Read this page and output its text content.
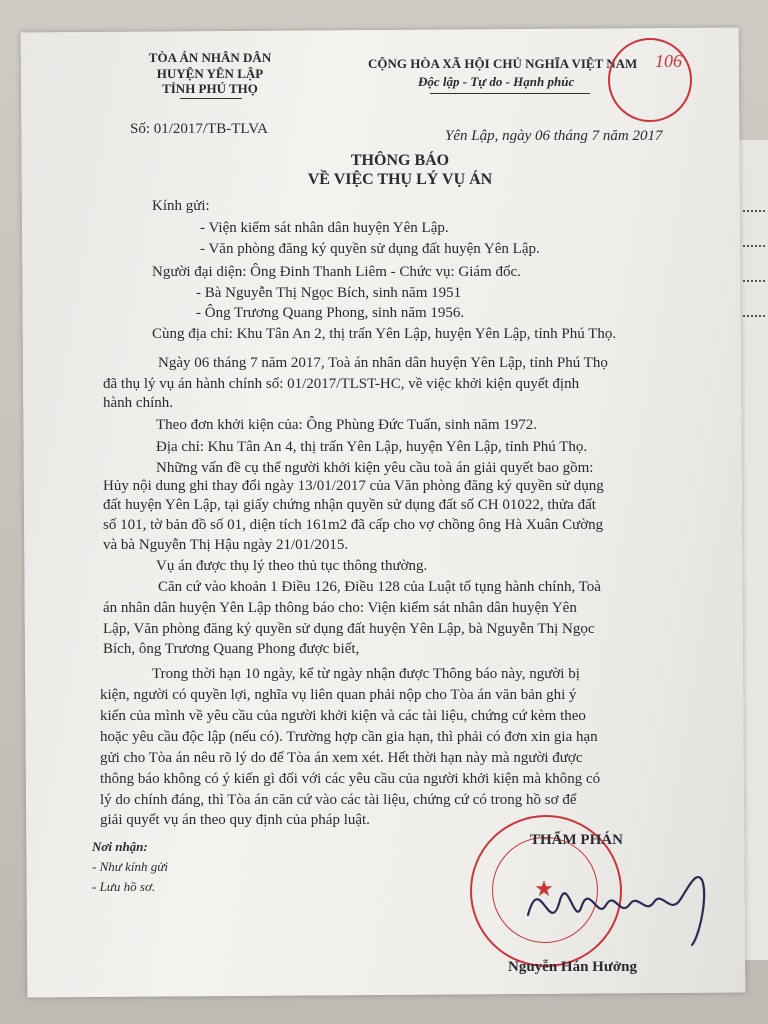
TÒA ÁN NHÂN DÂN
HUYỆN YÊN LẬP
TỈNH PHÚ THỌ
CỘNG HÒA XÃ HỘI CHỦ NGHĨA VIỆT NAM
Độc lập - Tự do - Hạnh phúc
106
Số: 01/2017/TB-TLVA	Yên Lập, ngày 06 tháng 7 năm 2017
THÔNG BÁO
VỀ VIỆC THỤ LÝ VỤ ÁN
Kính gửi:
- Viện kiểm sát nhân dân huyện Yên Lập.
- Văn phòng đăng ký quyền sử dụng đất huyện Yên Lập.
Người đại diện: Ông Đinh Thanh Liêm - Chức vụ: Giám đốc.
- Bà Nguyễn Thị Ngọc Bích, sinh năm 1951
- Ông Trương Quang Phong, sinh năm 1956.
Cùng địa chỉ: Khu Tân An 2, thị trấn Yên Lập, huyện Yên Lập, tỉnh Phú Thọ.
Ngày 06 tháng 7 năm 2017, Toà án nhân dân huyện Yên Lập, tỉnh Phú Thọ
đã thụ lý vụ án hành chính số: 01/2017/TLST-HC, về việc khởi kiện quyết định
hành chính.
Theo đơn khởi kiện của: Ông Phùng Đức Tuấn, sinh năm 1972.
Địa chỉ: Khu Tân An 4, thị trấn Yên Lập, huyện Yên Lập, tỉnh Phú Thọ.
Những vấn đề cụ thể người khởi kiện yêu cầu toà án giải quyết bao gồm:
Hủy nội dung ghi thay đổi ngày 13/01/2017 của Văn phòng đăng ký quyền sử dụng
đất huyện Yên Lập, tại giấy chứng nhận quyền sử dụng đất số CH 01022, thửa đất
số 101, tờ bản đồ số 01, diện tích 161m2 đã cấp cho vợ chồng ông Hà Xuân Cường
và bà Nguyễn Thị Hậu ngày 21/01/2015.
Vụ án được thụ lý theo thủ tục thông thường.
Căn cứ vào khoản 1 Điều 126, Điều 128 của Luật tố tụng hành chính, Toà
án nhân dân huyện Yên Lập thông báo cho: Viện kiểm sát nhân dân huyện Yên
Lập, Văn phòng đăng ký quyền sử dụng đất huyện Yên Lập, bà Nguyễn Thị Ngọc
Bích, ông Trương Quang Phong được biết,
Trong thời hạn 10 ngày, kể từ ngày nhận được Thông báo này, người bị
kiện, người có quyền lợi, nghĩa vụ liên quan phải nộp cho Tòa án văn bản ghi ý
kiến của mình về yêu cầu của người khởi kiện và các tài liệu, chứng cứ kèm theo
hoặc yêu cầu độc lập (nếu có). Trường hợp cần gia hạn, thì phải có đơn xin gia hạn
gửi cho Tòa án nêu rõ lý do để Tòa án xem xét. Hết thời hạn này mà người được
thông báo không có ý kiến gì đối với các yêu cầu của người khởi kiện mà không có
lý do chính đáng, thì Tòa án căn cứ vào các tài liệu, chứng cứ có trong hồ sơ để
giải quyết vụ án theo quy định của pháp luật.
Nơi nhận:
- Như kính gửi
- Lưu hồ sơ.	★
THẨM PHÁN
Nguyễn Hán Hưởng
